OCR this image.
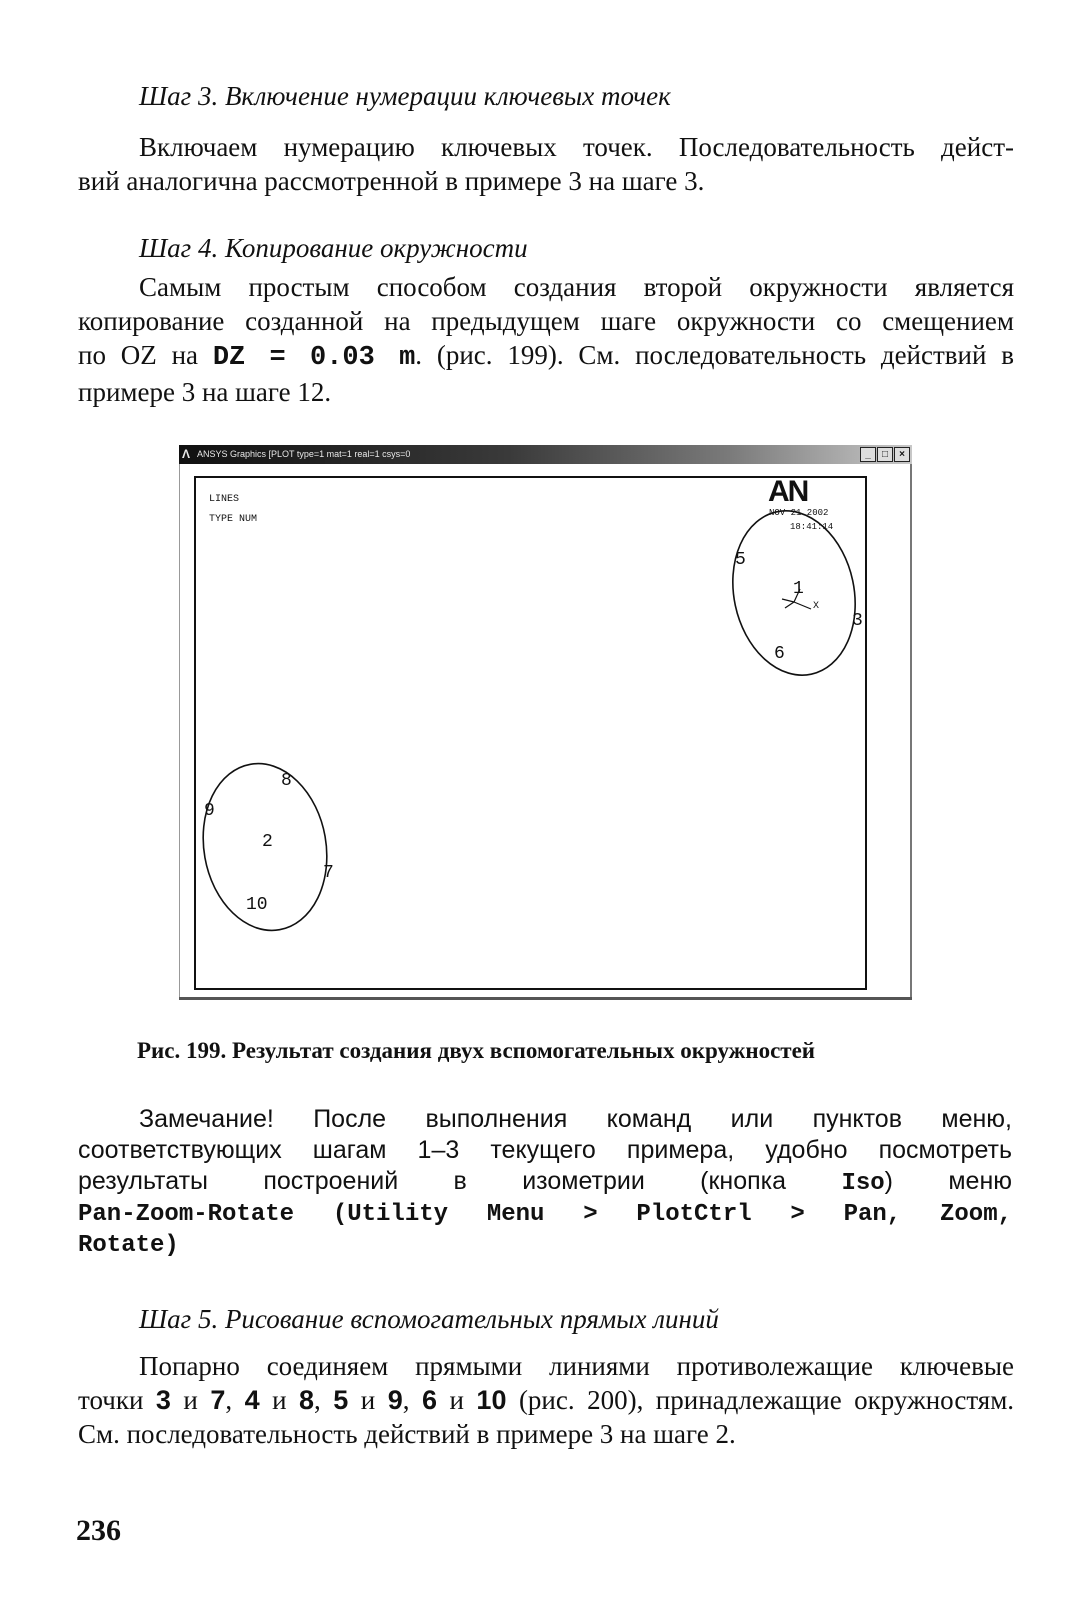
Шаг 3. Включение нумерации ключевых точек
Включаем нумерацию ключевых точек. Последовательность дейст-
вий аналогична рассмотренной в примере 3 на шаге 3.
Шаг 4. Копирование окружности
Самым простым способом создания второй окружности является
копирование созданной на предыдущем шаге окружности со смещением
по OZ на DZ = 0.03 m. (рис. 199). См. последовательность действий в
примере 3 на шаге 12.
Λ ANSYS Graphics [PLOT type=1 mat=1 real=1 csys=0	_	□	×
LINES
TYPE NUM
AN
NOV 21 2002
18:41:14
X
1
5
3
6
8
9
2
7
10
Рис. 199. Результат создания двух вспомогательных окружностей
Замечание! После выполнения команд или пунктов меню,
соответствующих шагам 1–3 текущего примера, удобно посмотреть
результаты построений в изометрии (кнопка Iso) меню
Pan-Zoom-Rotate (Utility Menu > PlotCtrl > Pan, Zoom,
Rotate)
Шаг 5. Рисование вспомогательных прямых линий
Попарно соединяем прямыми линиями противолежащие ключевые
точки 3 и 7, 4 и 8, 5 и 9, 6 и 10 (рис. 200), принадлежащие окружностям.
См. последовательность действий в примере 3 на шаге 2.
236
